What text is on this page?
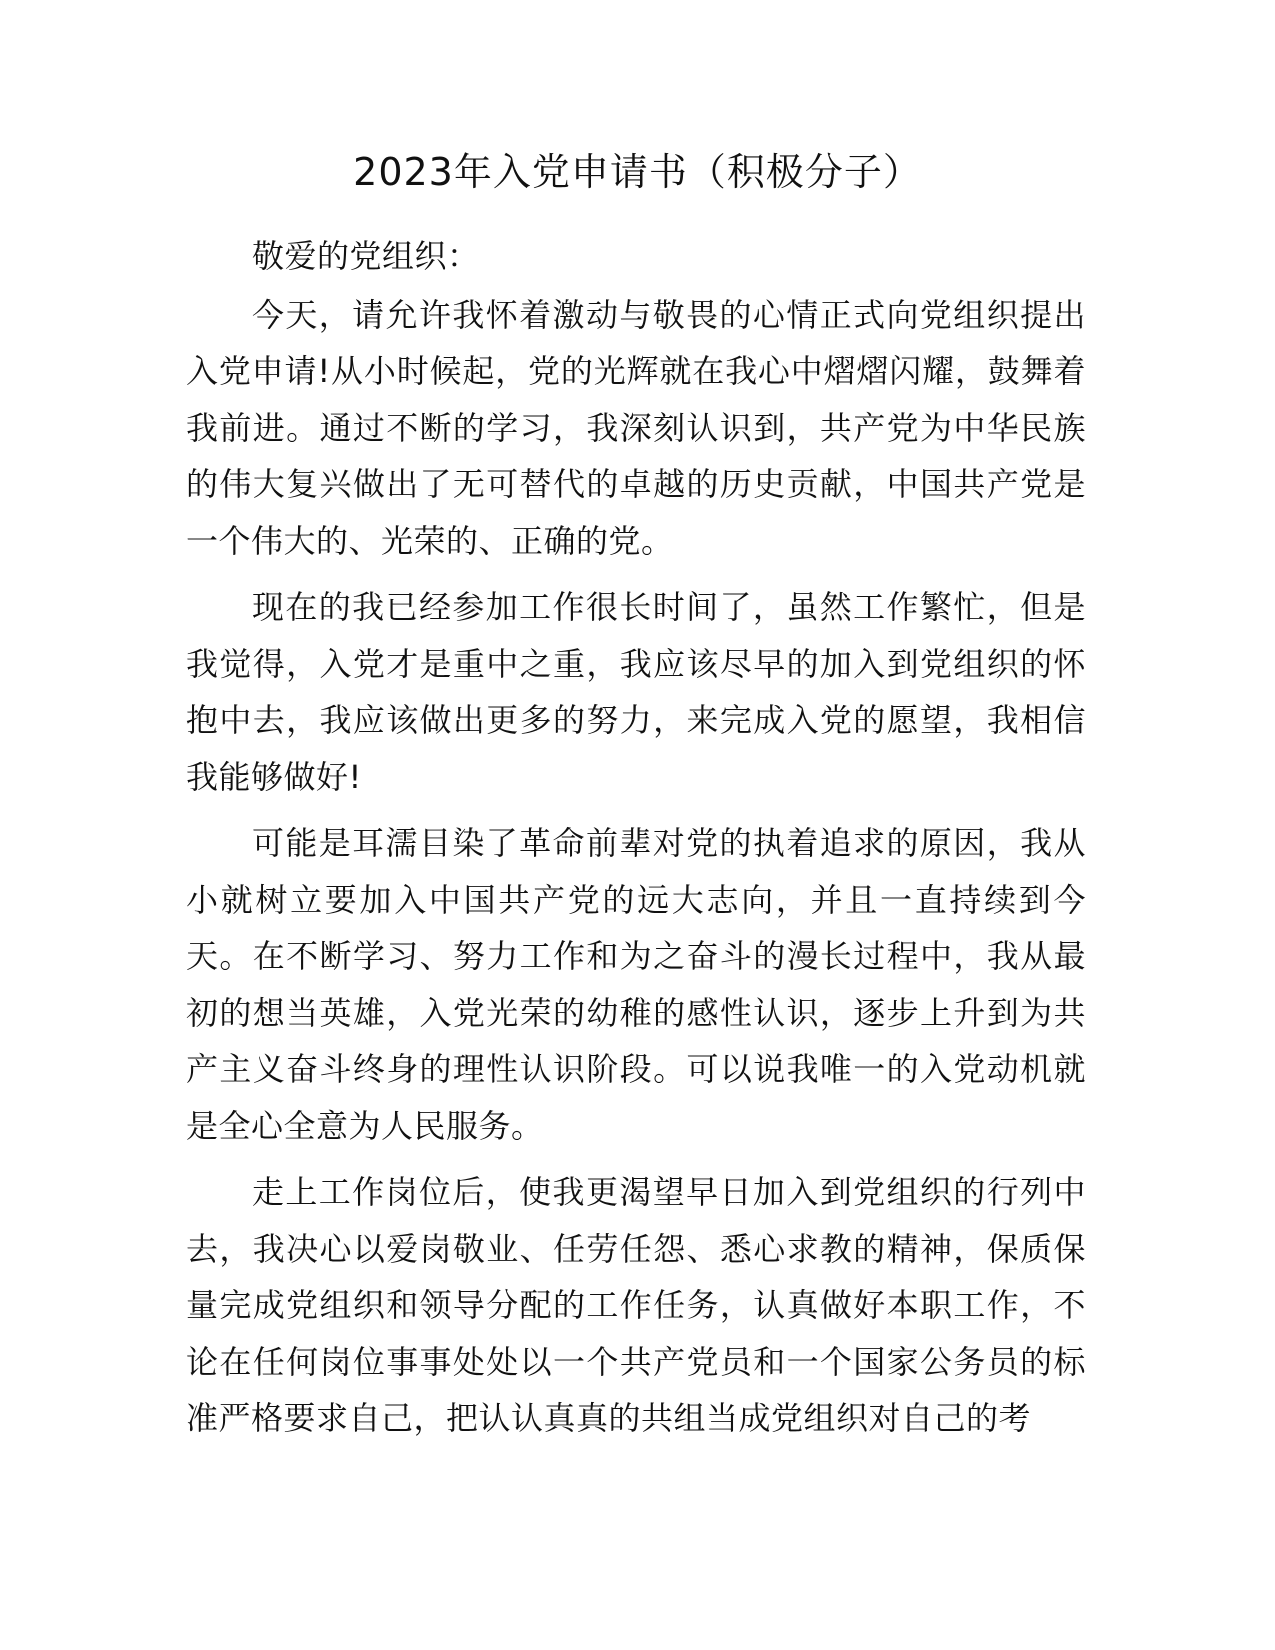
2023年入党申请书（积极分子）

敬爱的党组织：

今天，请允许我怀着激动与敬畏的心情正式向党组织提出入党申请!从小时候起，党的光辉就在我心中熠熠闪耀，鼓舞着我前进。通过不断的学习，我深刻认识到，共产党为中华民族的伟大复兴做出了无可替代的卓越的历史贡献，中国共产党是一个伟大的、光荣的、正确的党。

现在的我已经参加工作很长时间了，虽然工作繁忙，但是我觉得，入党才是重中之重，我应该尽早的加入到党组织的怀抱中去，我应该做出更多的努力，来完成入党的愿望，我相信我能够做好!

可能是耳濡目染了革命前辈对党的执着追求的原因，我从小就树立要加入中国共产党的远大志向，并且一直持续到今天。在不断学习、努力工作和为之奋斗的漫长过程中，我从最初的想当英雄，入党光荣的幼稚的感性认识，逐步上升到为共产主义奋斗终身的理性认识阶段。可以说我唯一的入党动机就是全心全意为人民服务。

走上工作岗位后，使我更渴望早日加入到党组织的行列中去，我决心以爱岗敬业、任劳任怨、悉心求教的精神，保质保量完成党组织和领导分配的工作任务，认真做好本职工作，不论在任何岗位事事处处以一个共产党员和一个国家公务员的标准严格要求自己，把认认真真的共组当成党组织对自己的考
